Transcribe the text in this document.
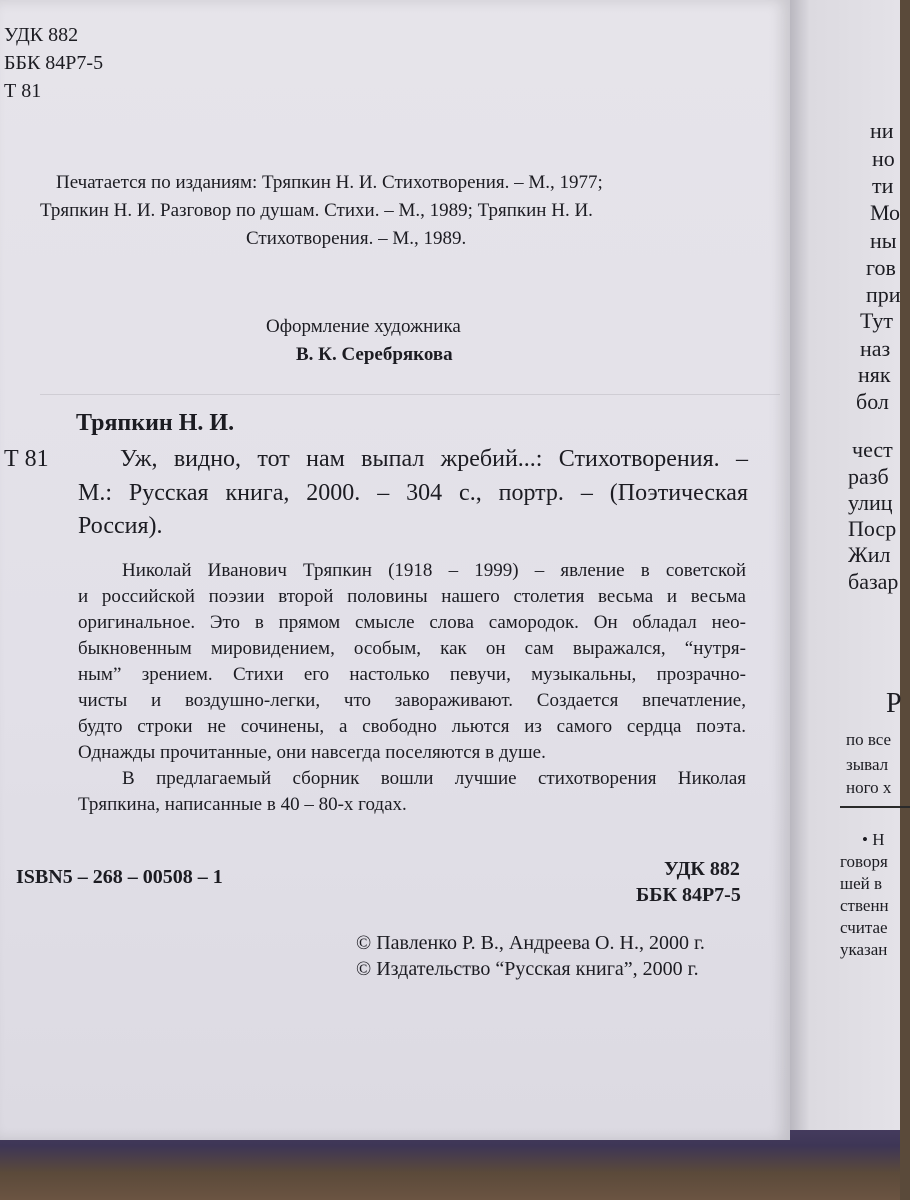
УДК 882
ББК 84Р7-5
Т 81
Печатается по изданиям: Тряпкин Н. И. Стихотворения. – М., 1977;
Тряпкин Н. И. Разговор по душам. Стихи. – М., 1989; Тряпкин Н. И.
Стихотворения. – М., 1989.
Оформление художника
В. К. Серебрякова
Тряпкин Н. И.
Т 81	Уж, видно, тот нам выпал жребий...: Стихотворения. –
М.: Русская книга, 2000. – 304 с., портр. – (Поэтическая
Россия).
Николай Иванович Тряпкин (1918 – 1999) – явление в советской
и российской поэзии второй половины нашего столетия весьма и весьма
оригинальное. Это в прямом смысле слова самородок. Он обладал нео-
быкновенным мировидением, особым, как он сам выражался, “нутря-
ным” зрением. Стихи его настолько певучи, музыкальны, прозрачно-
чисты и воздушно-легки, что завораживают. Создается впечатление,
будто строки не сочинены, а свободно льются из самого сердца поэта.
Однажды прочитанные, они навсегда поселяются в душе.
В предлагаемый сборник вошли лучшие стихотворения Николая
Тряпкина, написанные в 40 – 80-х годах.
ISBN5 – 268 – 00508 – 1	УДК 882
ББК 84Р7-5
© Павленко Р. В., Андреева О. Н., 2000 г.
© Издательство “Русская книга”, 2000 г.
ни
но
ти
Мо
ны
гов
при
Тут
наз
няк
бол
чест
разб
улиц
Поср
Жил
базар
Р
по все
зывал
ного х
• Н
говоря
шей в
ственн
считае
указан
